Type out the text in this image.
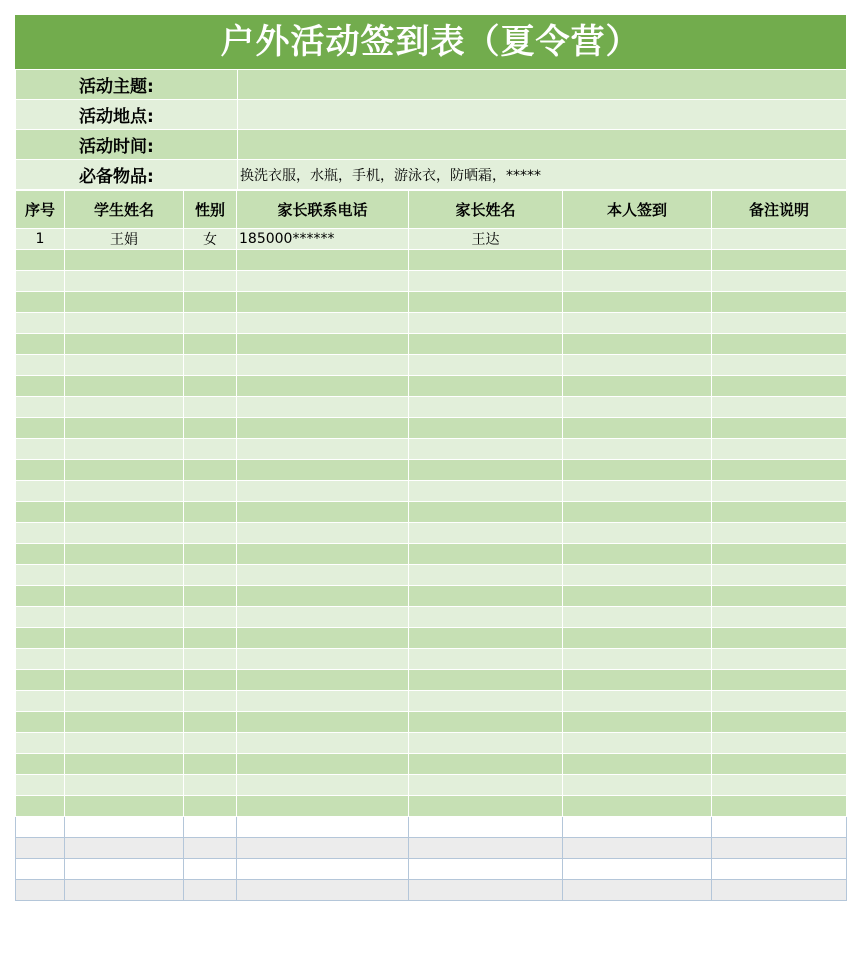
户外活动签到表（夏令营）
活动主题:	
活动地点:	
活动时间:	
必备物品:	换洗衣服，水瓶，手机，游泳衣，防晒霜，*****
序号	学生姓名	性别	家长联系电话	家长姓名	本人签到	备注说明
1	王娟	女	185000******	王达		
